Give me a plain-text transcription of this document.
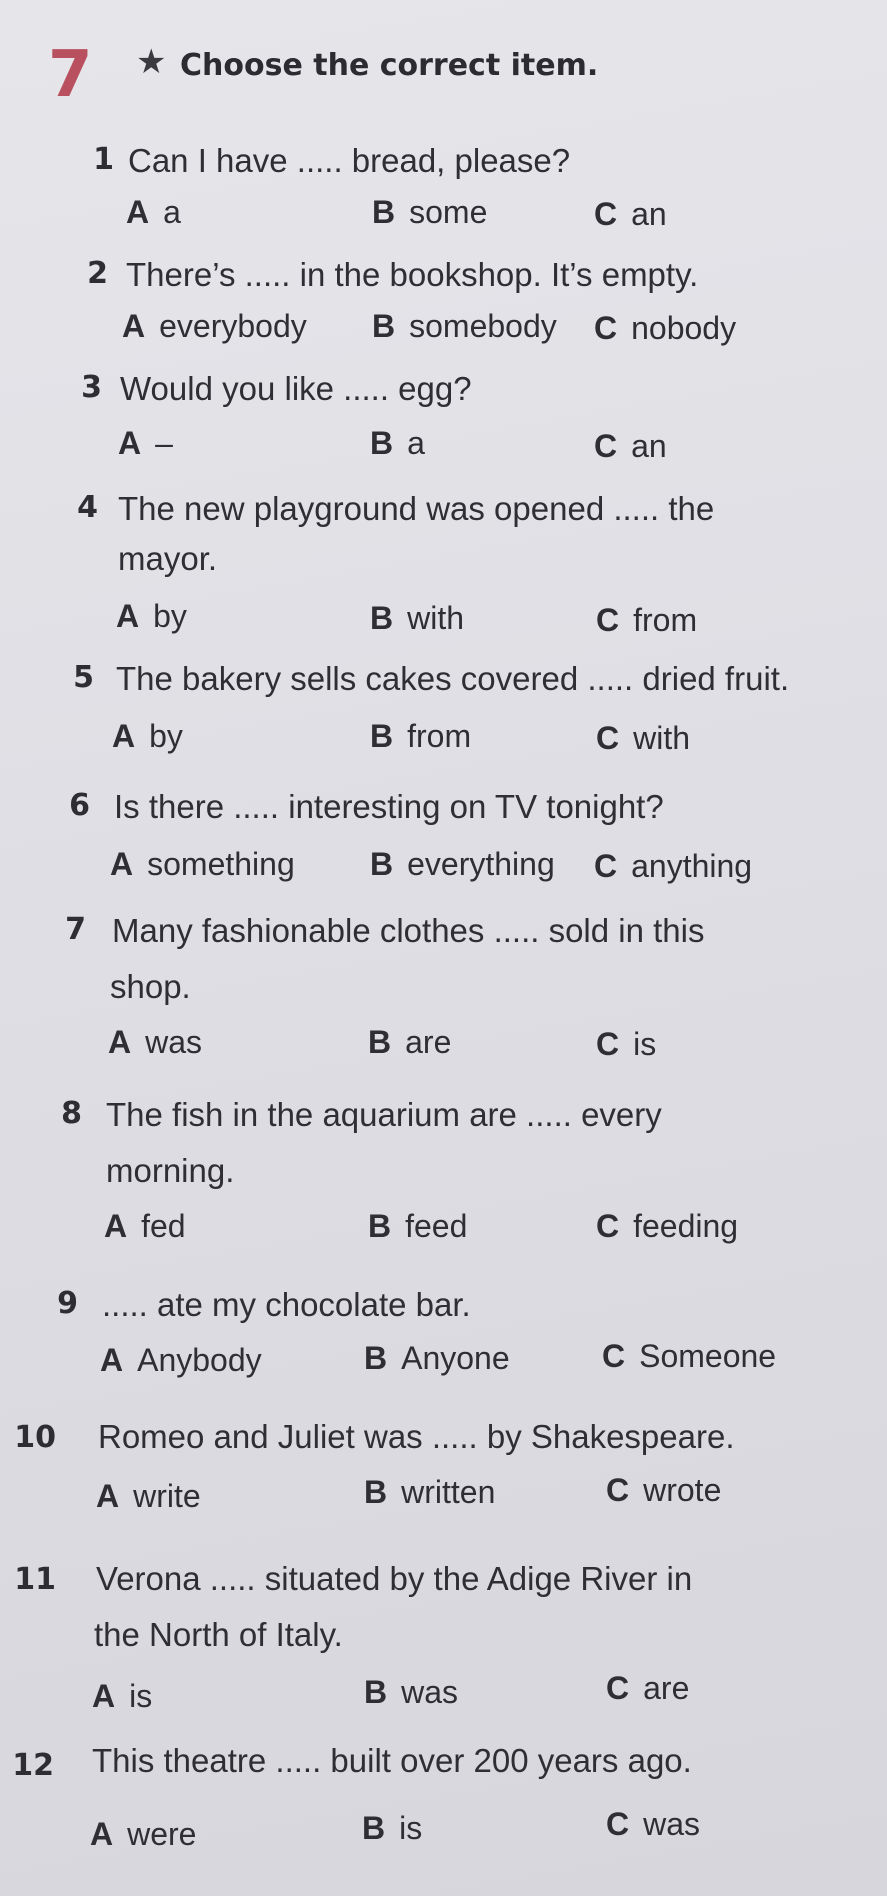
7 ★ Choose the correct item.
1 Can I have ..... bread, please?
A a	B some	C an
2 There’s ..... in the bookshop. It’s empty.
A everybody B somebody C nobody
3 Would you like ..... egg?
A –	B a	C an
4 The new playground was opened ..... the
mayor.
A by	B with	C from
5 The bakery sells cakes covered ..... dried fruit.
A by	B from	C with
6 Is there ..... interesting on TV tonight?
A something B everything C anything
7 Many fashionable clothes ..... sold in this
shop.
A was	B are	C is
8 The fish in the aquarium are ..... every
morning.
A fed	B feed	C feeding
9 ..... ate my chocolate bar.
A Anybody	B Anyone	C Someone
10 Romeo and Juliet was ..... by Shakespeare.
A write	B written	C wrote
11 Verona ..... situated by the Adige River in
the North of Italy.
A is	B was	C are
12 This theatre ..... built over 200 years ago.
A were	B is	C was
